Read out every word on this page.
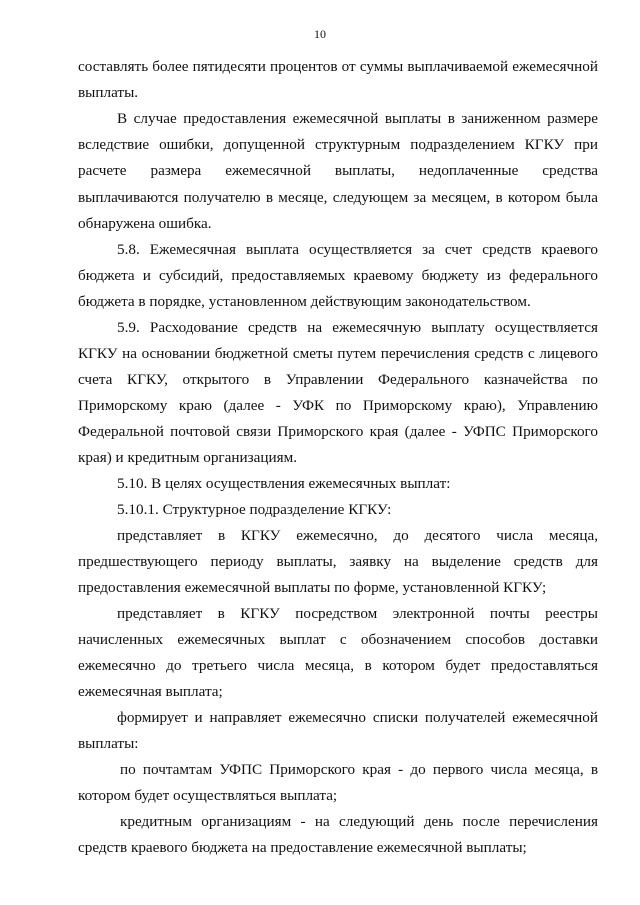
10
составлять более пятидесяти процентов от суммы выплачиваемой ежемесячной
выплаты.
В случае предоставления ежемесячной выплаты в заниженном размере
вследствие ошибки, допущенной структурным подразделением КГКУ при
расчете размера ежемесячной выплаты, недоплаченные средства
выплачиваются получателю в месяце, следующем за месяцем, в котором была
обнаружена ошибка.
5.8. Ежемесячная выплата осуществляется за счет средств краевого
бюджета и субсидий, предоставляемых краевому бюджету из федерального
бюджета в порядке, установленном действующим законодательством.
5.9. Расходование средств на ежемесячную выплату осуществляется
КГКУ на основании бюджетной сметы путем перечисления средств с лицевого
счета КГКУ, открытого в Управлении Федерального казначейства по
Приморскому краю (далее - УФК по Приморскому краю), Управлению
Федеральной почтовой связи Приморского края (далее - УФПС Приморского
края) и кредитным организациям.
5.10. В целях осуществления ежемесячных выплат:
5.10.1. Структурное подразделение КГКУ:
представляет в КГКУ ежемесячно, до десятого числа месяца,
предшествующего периоду выплаты, заявку на выделение средств для
предоставления ежемесячной выплаты по форме, установленной КГКУ;
представляет в КГКУ посредством электронной почты реестры
начисленных ежемесячных выплат с обозначением способов доставки
ежемесячно до третьего числа месяца, в котором будет предоставляться
ежемесячная выплата;
формирует и направляет ежемесячно списки получателей ежемесячной
выплаты:
по почтамтам УФПС Приморского края - до первого числа месяца, в
котором будет осуществляться выплата;
кредитным организациям - на следующий день после перечисления
средств краевого бюджета на предоставление ежемесячной выплаты;
